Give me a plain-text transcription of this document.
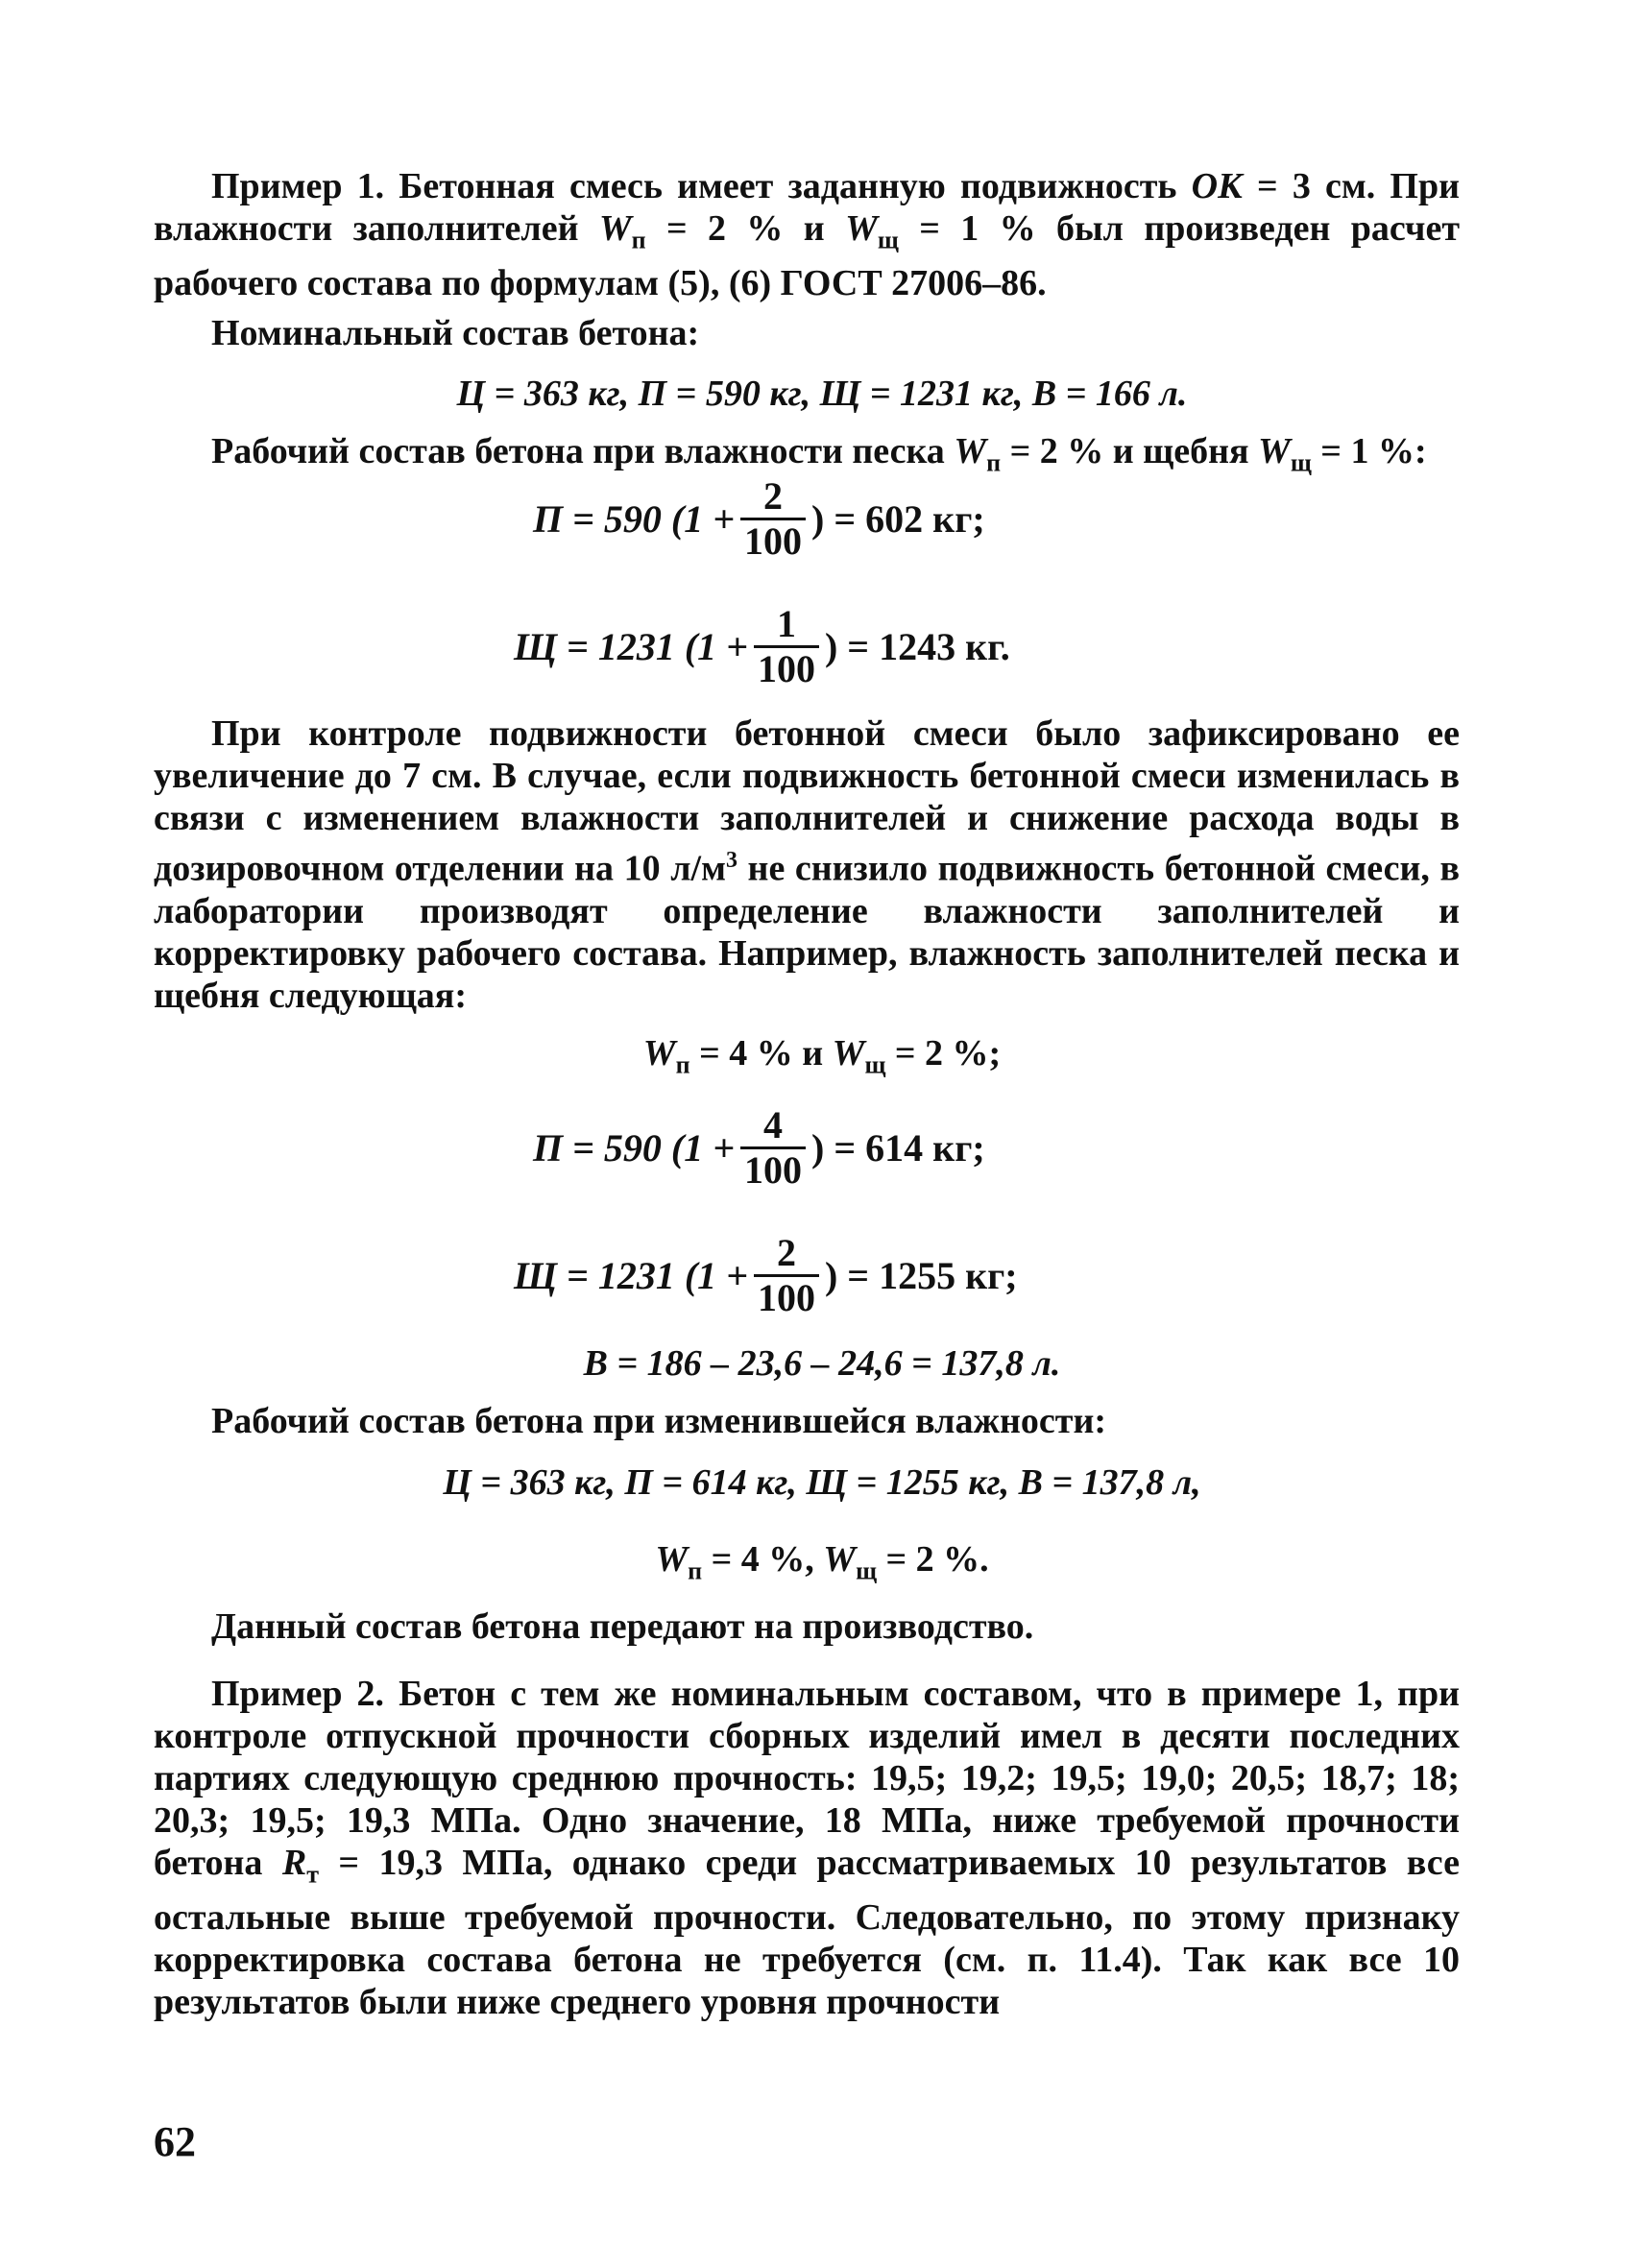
Пример 1. Бетонная смесь имеет заданную подвижность ОК = 3 см. При влажности заполнителей $W_п = 2$ % и $W_щ = 1$ % был произведен расчет рабочего состава по формулам (5), (6) ГОСТ 27006–86.

Номинальный состав бетона:

Ц = 363 кг, П = 590 кг, Щ = 1231 кг, В = 166 л.

Рабочий состав бетона при влажности песка $W_п = 2$ % и щебня $W_щ = 1$ %:

П = 590 ($1 + \frac{2}{100}$ ) = 602 кг;
Щ = 1231 ($1 + \frac{1}{100}$ ) = 1243 кг.

При контроле подвижности бетонной смеси было зафиксировано ее увеличение до 7 см. В случае, если подвижность бетонной смеси изменилась в связи с изменением влажности заполнителей и снижение расхода воды в дозировочном отделении на 10 $л/м^3$ не снизило подвижность бетонной смеси, в лаборатории производят определение влажности заполнителей и корректировку рабочего состава. Например, влажность заполнителей песка и щебня следующая:

$W_п = 4$ % и $W_щ = 2$ %;
П = 590 ($1 + \frac{4}{100}$ ) = 614 кг;
Щ = 1231 ($1 + \frac{2}{100}$ ) = 1255 кг;
В = 186 – 23,6 – 24,6 = 137,8 л.

Рабочий состав бетона при изменившейся влажности:

Ц = 363 кг, П = 614 кг, Щ = 1255 кг, В = 137,8 л,
$W_п = 4$ %, $W_щ = 2$ %.

Данный состав бетона передают на производство.

Пример 2. Бетон с тем же номинальным составом, что в примере 1, при контроле отпускной прочности сборных изделий имел в десяти последних партиях следующую среднюю прочность: 19,5; 19,2; 19,5; 19,0; 20,5; 18,7; 18; 20,3; 19,5; 19,3 МПа. Одно значение, 18 МПа, ниже требуемой прочности бетона $R_т = 19,3$ МПа, однако среди рассматриваемых 10 результатов все остальные выше требуемой прочности. Следовательно, по этому признаку корректировка состава бетона не требуется (см. п. 11.4). Так как все 10 результатов были ниже среднего уровня прочности

62
